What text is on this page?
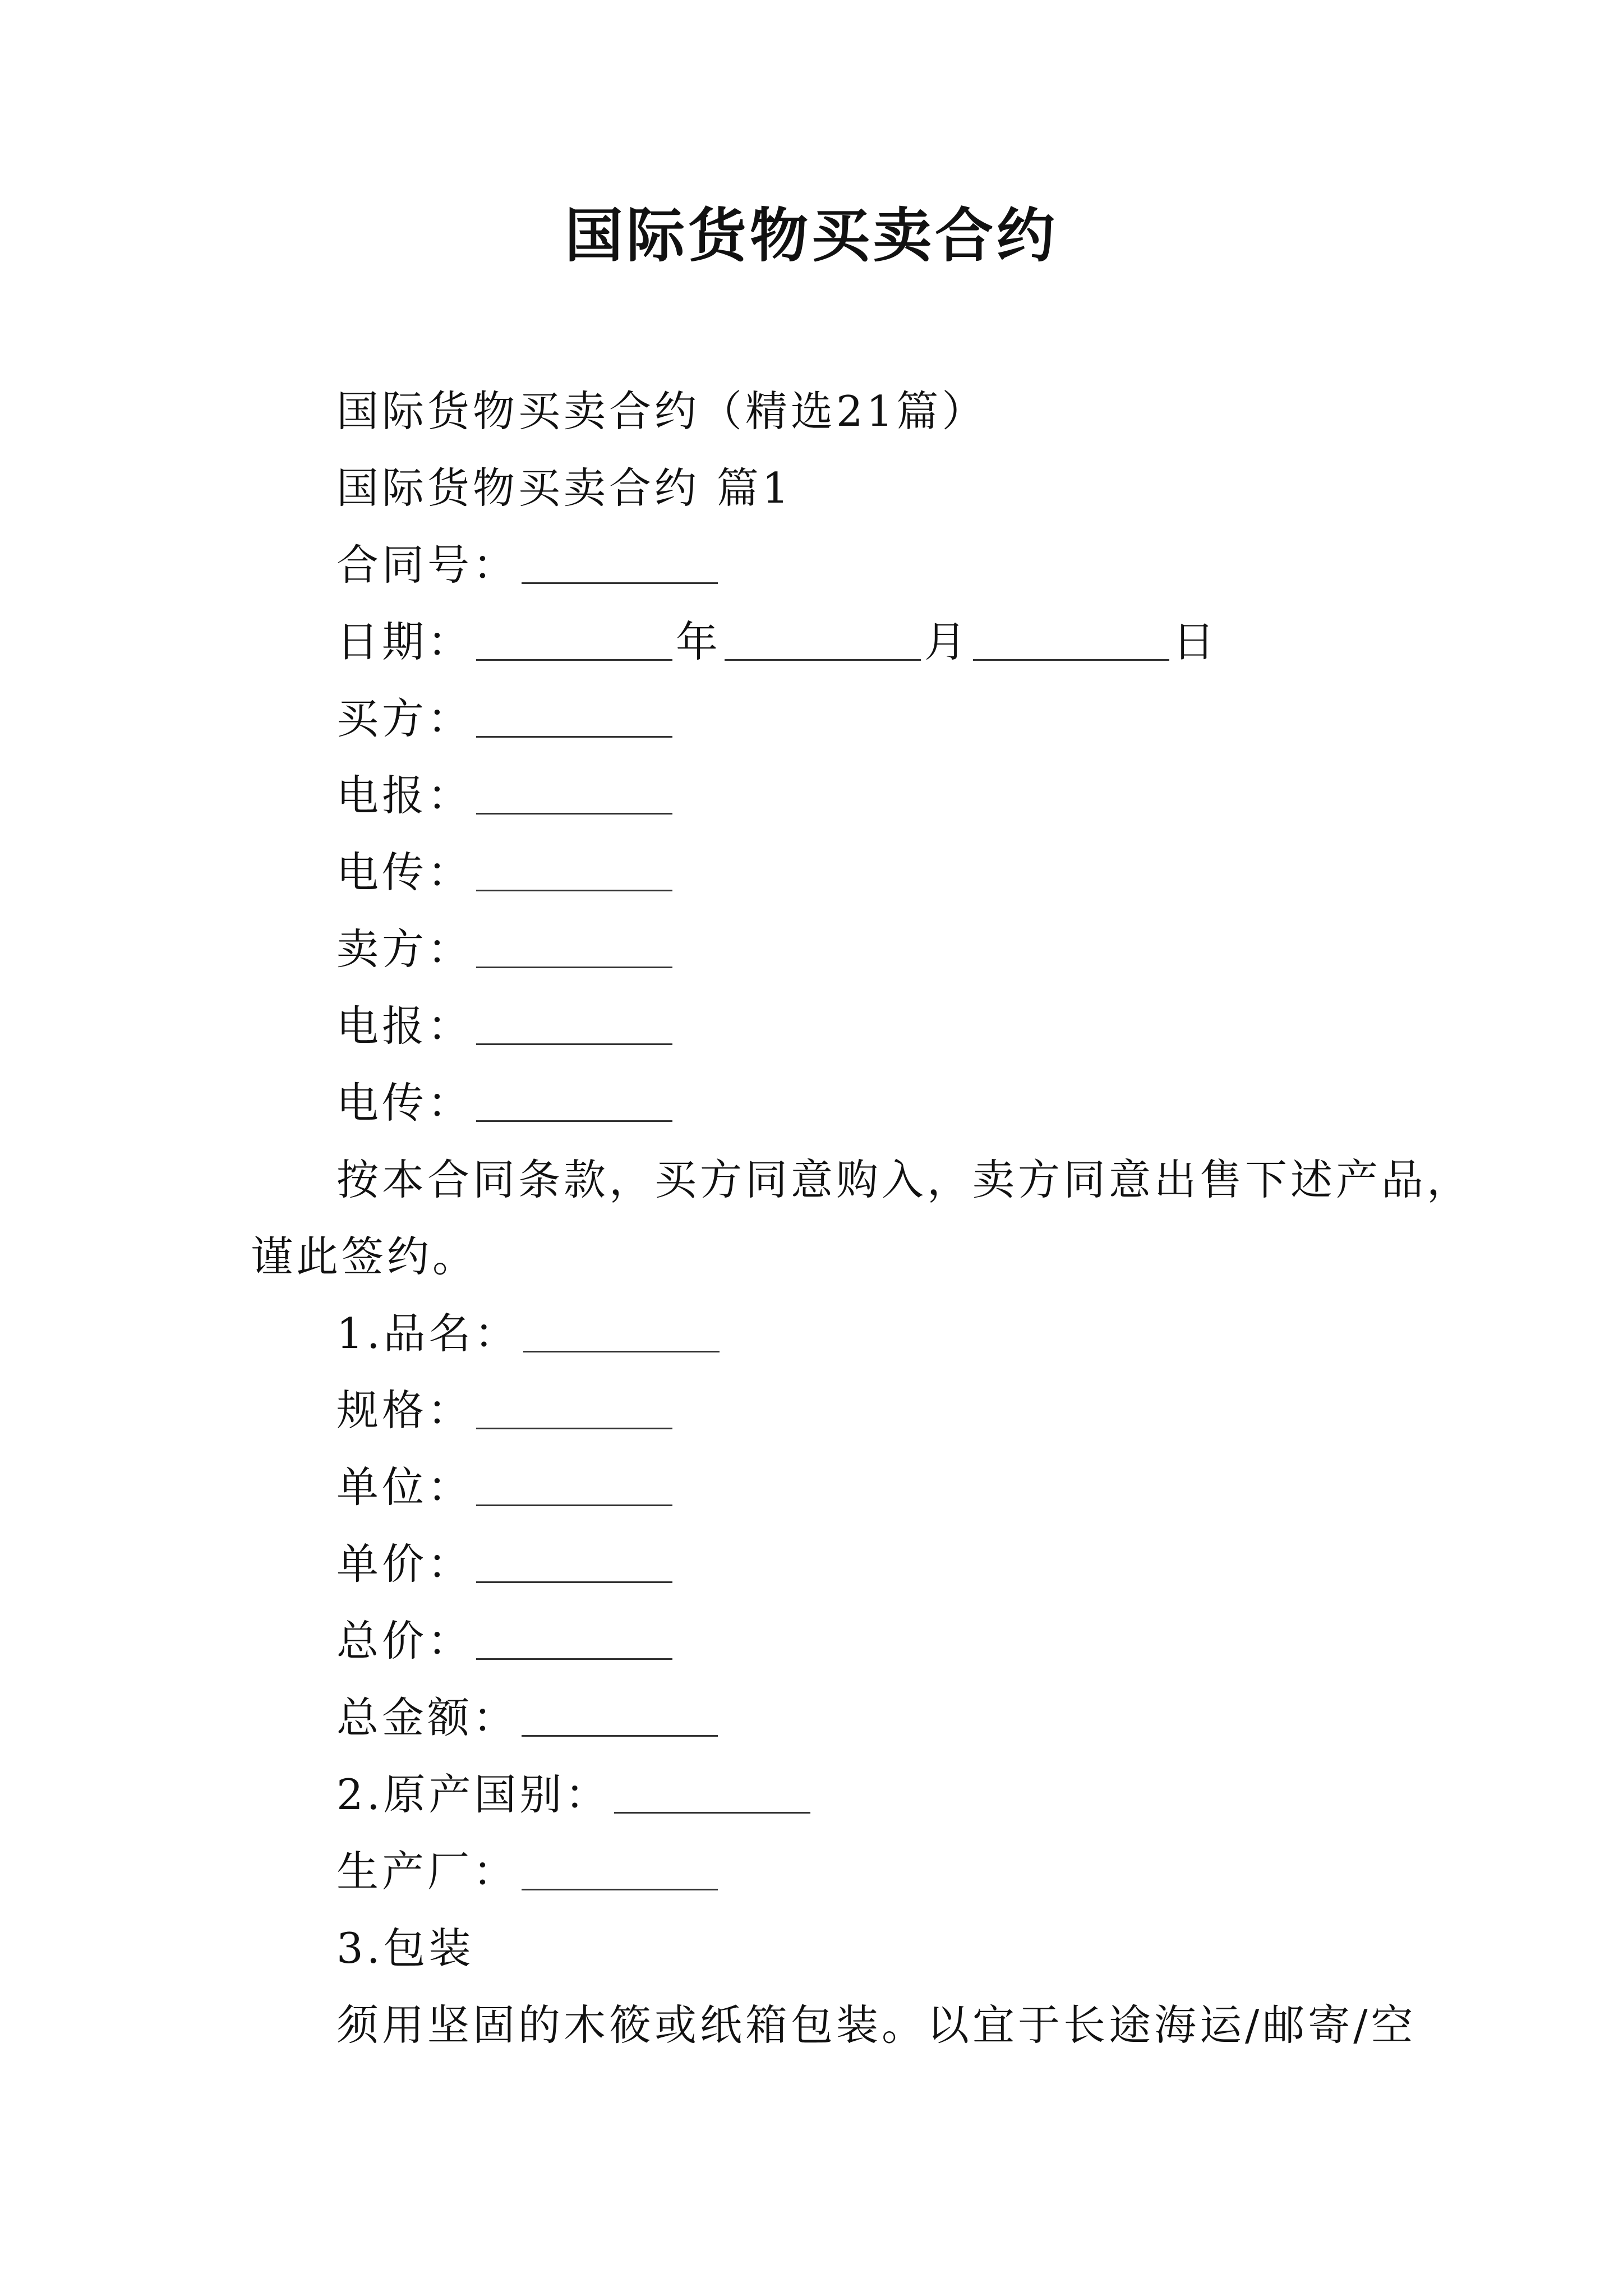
国际货物买卖合约
国际货物买卖合约（精选21篇）
国际货物买卖合约 篇1
合同号：
日期：	年	月	日
买方：
电报：
电传：
卖方：
电报：
电传：
按本合同条款，买方同意购入，卖方同意出售下述产品，
谨此签约。
1.品名：
规格：
单位：
单价：
总价：
总金额：
2.原产国别：
生产厂：
3.包装
须用坚固的木筱或纸箱包装。以宜于长途海运/邮寄/空
